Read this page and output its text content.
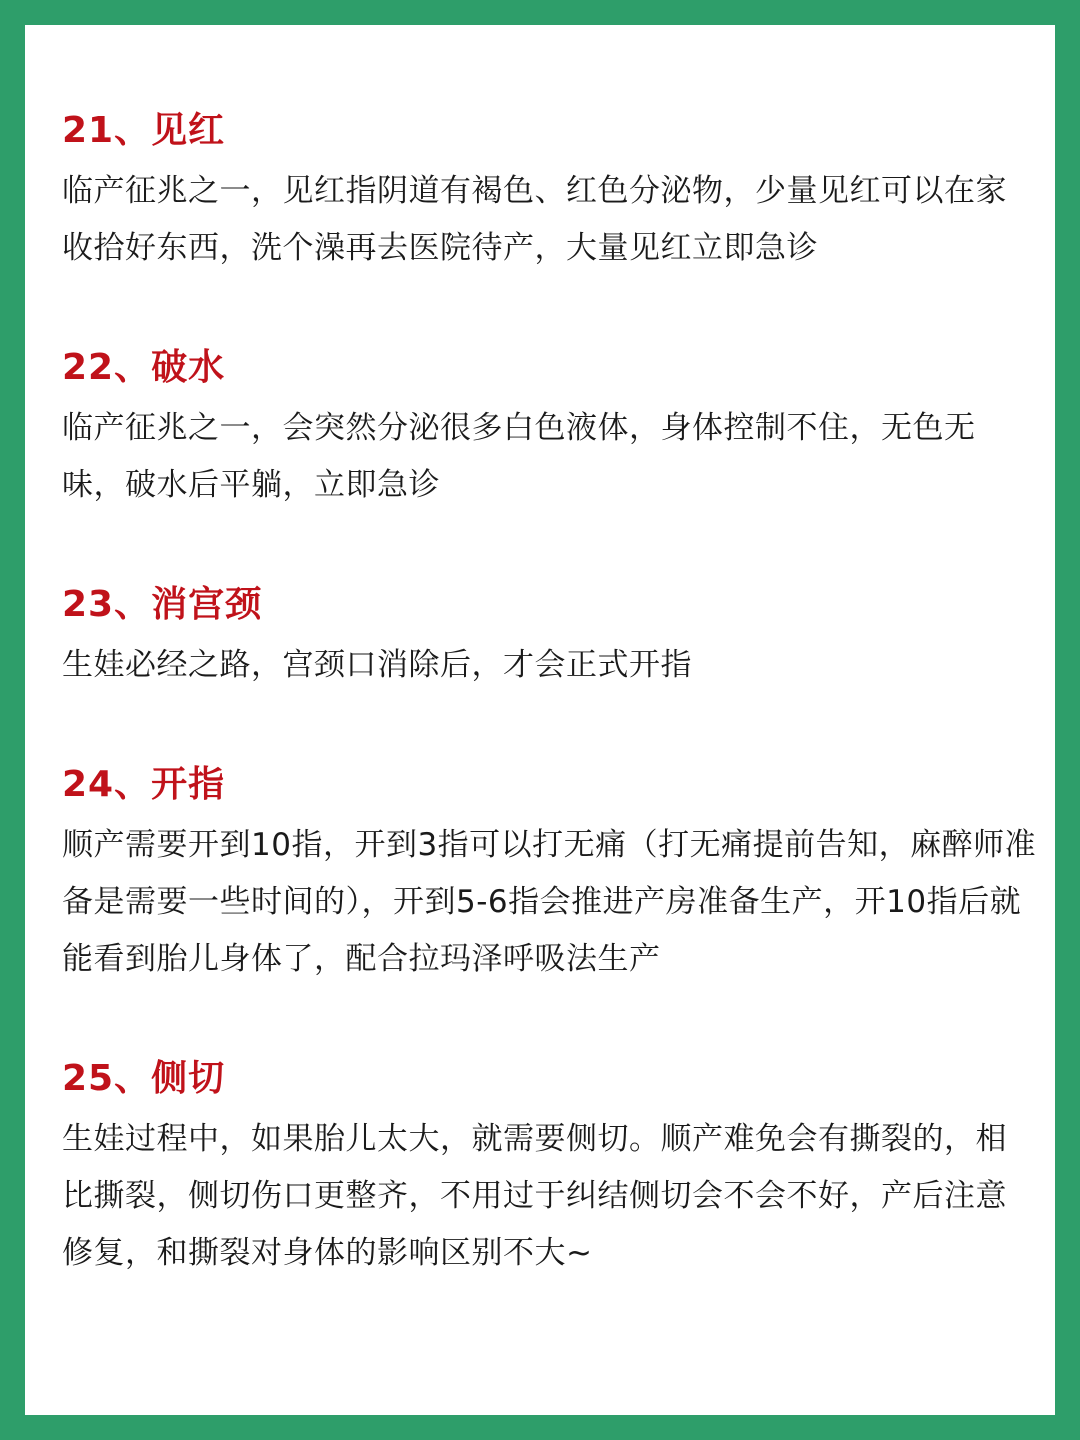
21、见红

临产征兆之一，见红指阴道有褐色、红色分泌物，少量见红可以在家收拾好东西，洗个澡再去医院待产，大量见红立即急诊

22、破水

临产征兆之一，会突然分泌很多白色液体，身体控制不住，无色无味，破水后平躺，立即急诊

23、消宫颈

生娃必经之路，宫颈口消除后，才会正式开指

24、开指

顺产需要开到10指，开到3指可以打无痛（打无痛提前告知，麻醉师准备是需要一些时间的），开到5-6指会推进产房准备生产，开10指后就能看到胎儿身体了，配合拉玛泽呼吸法生产

25、侧切

生娃过程中，如果胎儿太大，就需要侧切。顺产难免会有撕裂的，相比撕裂，侧切伤口更整齐，不用过于纠结侧切会不会不好，产后注意修复，和撕裂对身体的影响区别不大~
